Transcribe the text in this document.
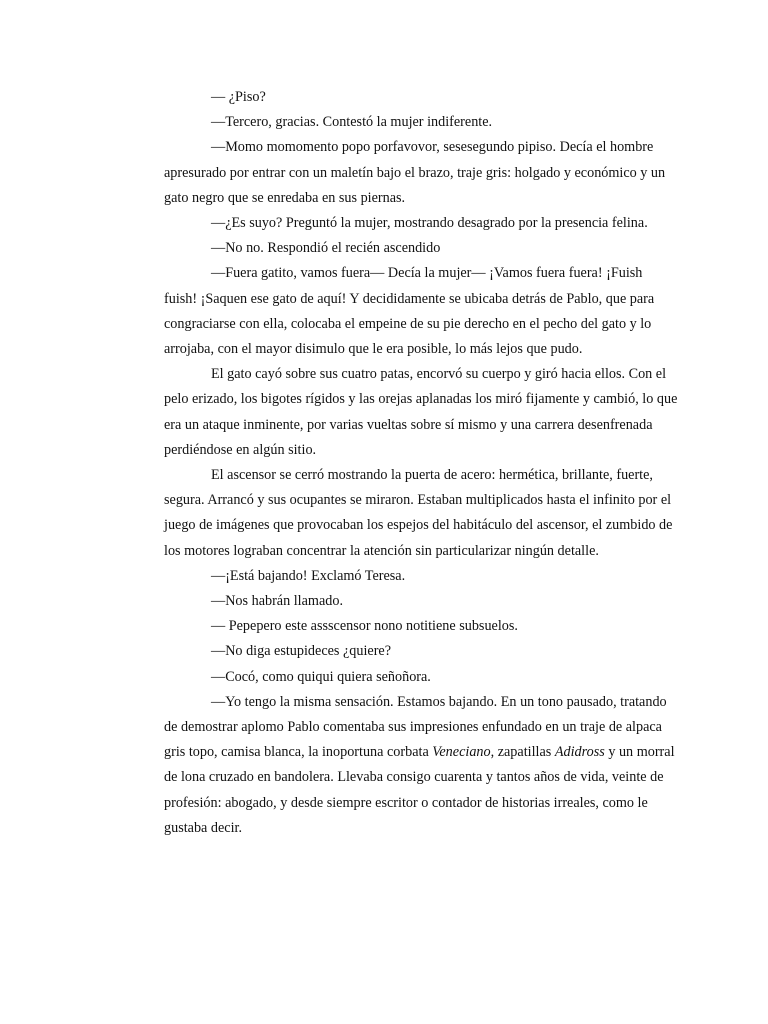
— ¿Piso?

—Tercero, gracias. Contestó la mujer indiferente.

—Momo momomento popo porfavovor, sesesegundo pipiso. Decía el hombre apresurado por entrar con un maletín bajo el brazo, traje gris: holgado y económico y un gato negro que se enredaba en sus piernas.

—¿Es suyo? Preguntó la mujer, mostrando desagrado por la presencia felina.

—No no. Respondió el recién ascendido

—Fuera gatito, vamos fuera— Decía la mujer— ¡Vamos fuera fuera! ¡Fuish fuish! ¡Saquen ese gato de aquí! Y decididamente se ubicaba detrás de Pablo, que para congraciarse con ella, colocaba el empeine de su pie derecho en el pecho del gato y lo arrojaba, con el mayor disimulo que le era posible, lo más lejos que pudo.

El gato cayó sobre sus cuatro patas, encorvó su cuerpo y giró hacia ellos. Con el pelo erizado, los bigotes rígidos y las orejas aplanadas los miró fijamente y cambió, lo que era un ataque inminente, por varias vueltas sobre sí mismo y una carrera desenfrenada perdiéndose en algún sitio.

El ascensor se cerró mostrando la puerta de acero: hermética, brillante, fuerte, segura. Arrancó y sus ocupantes se miraron. Estaban multiplicados hasta el infinito por el juego de imágenes que provocaban los espejos del habitáculo del ascensor, el zumbido de los motores lograban concentrar la atención sin particularizar ningún detalle.

—¡Está bajando! Exclamó Teresa.

—Nos habrán llamado.

— Pepepero este assscensor nono notitiene subsuelos.

—No diga estupideces ¿quiere?

—Cocó, como quiqui quiera señoñora.

—Yo tengo la misma sensación. Estamos bajando. En un tono pausado, tratando de demostrar aplomo Pablo comentaba sus impresiones enfundado en un traje de alpaca gris topo, camisa blanca, la inoportuna corbata Veneciano, zapatillas Adidross y un morral de lona cruzado en bandolera. Llevaba consigo cuarenta y tantos años de vida, veinte de profesión: abogado, y desde siempre escritor o contador de historias irreales, como le gustaba decir.
